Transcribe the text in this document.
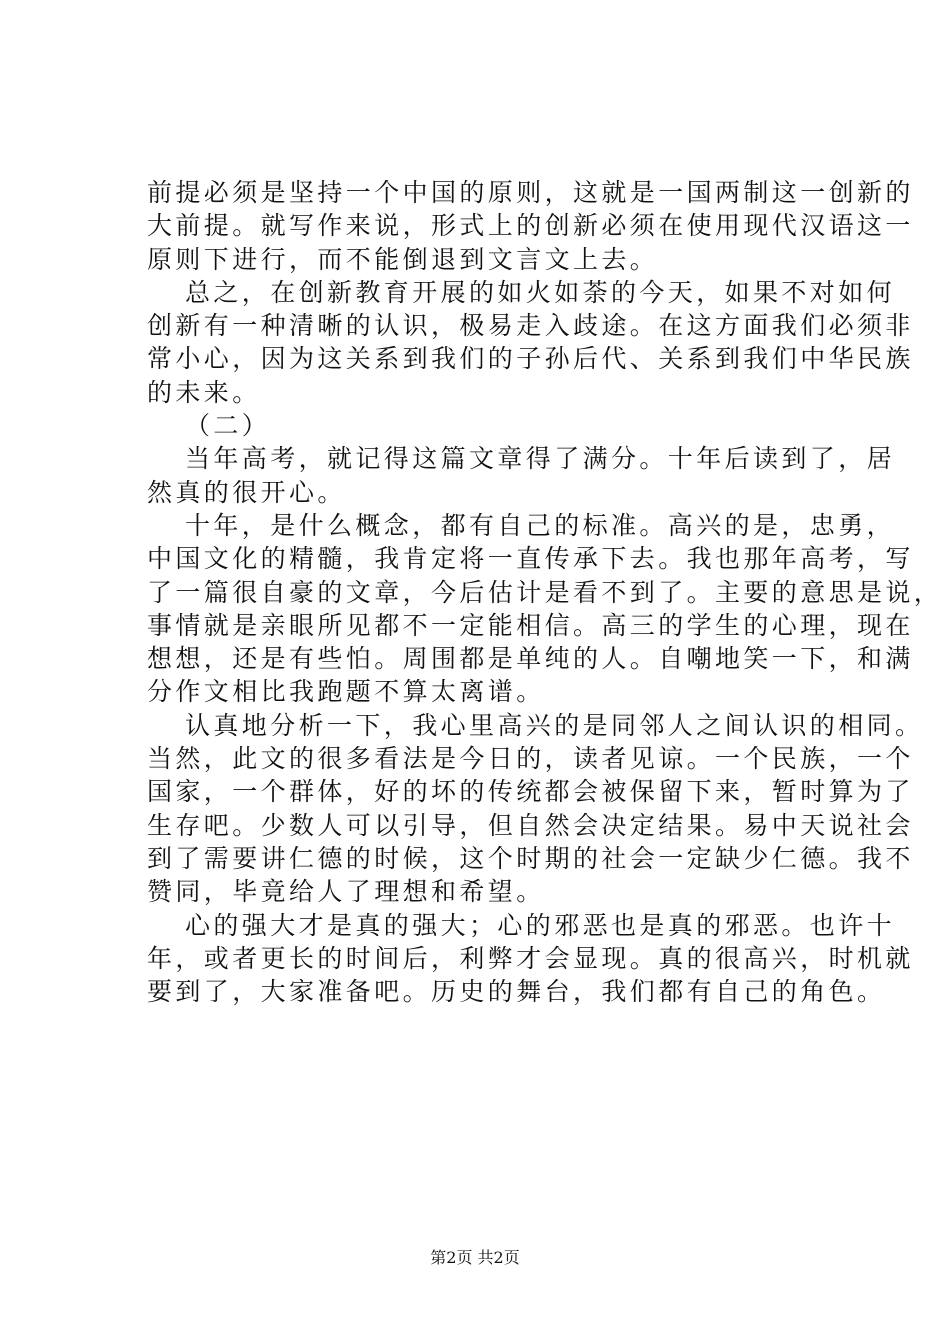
前提必须是坚持一个中国的原则，这就是一国两制这一创新的
大前提。就写作来说，形式上的创新必须在使用现代汉语这一
原则下进行，而不能倒退到文言文上去。
总之，在创新教育开展的如火如荼的今天，如果不对如何
创新有一种清晰的认识，极易走入歧途。在这方面我们必须非
常小心，因为这关系到我们的子孙后代、关系到我们中华民族
的未来。
（二）
当年高考，就记得这篇文章得了满分。十年后读到了，居
然真的很开心。
十年，是什么概念，都有自己的标准。高兴的是，忠勇，
中国文化的精髓，我肯定将一直传承下去。我也那年高考，写
了一篇很自豪的文章，今后估计是看不到了。主要的意思是说，
事情就是亲眼所见都不一定能相信。高三的学生的心理，现在
想想，还是有些怕。周围都是单纯的人。自嘲地笑一下，和满
分作文相比我跑题不算太离谱。
认真地分析一下，我心里高兴的是同邻人之间认识的相同。
当然，此文的很多看法是今日的，读者见谅。一个民族，一个
国家，一个群体，好的坏的传统都会被保留下来，暂时算为了
生存吧。少数人可以引导，但自然会决定结果。易中天说社会
到了需要讲仁德的时候，这个时期的社会一定缺少仁德。我不
赞同，毕竟给人了理想和希望。
心的强大才是真的强大；心的邪恶也是真的邪恶。也许十
年，或者更长的时间后，利弊才会显现。真的很高兴，时机就
要到了，大家准备吧。历史的舞台，我们都有自己的角色。
第2页 共2页
